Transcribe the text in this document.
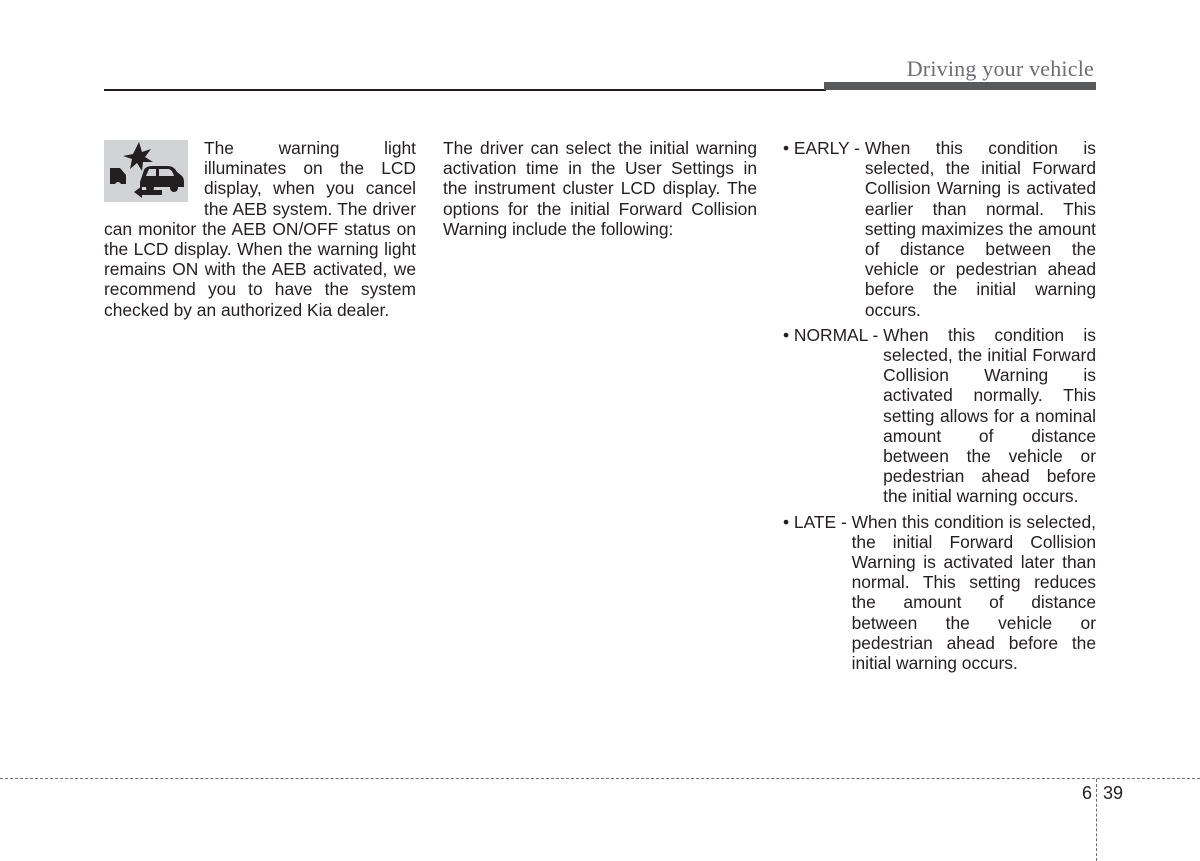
Driving your vehicle

The warning light illuminates on the LCD display, when you cancel the AEB system. The driver can monitor the AEB ON/OFF status on the LCD display. When the warning light remains ON with the AEB activated, we recommend you to have the system checked by an authorized Kia dealer.

The driver can select the initial warning activation time in the User Settings in the instrument cluster LCD display. The options for the initial Forward Collision Warning include the following:

• EARLY - When this condition is selected, the initial Forward Collision Warning is activated earlier than normal. This setting maximizes the amount of distance between the vehicle or pedestrian ahead before the initial warning occurs.
• NORMAL - When this condition is selected, the initial Forward Collision Warning is activated normally. This setting allows for a nominal amount of distance between the vehicle or pedestrian ahead before the initial warning occurs.
• LATE - When this condition is selected, the initial Forward Collision Warning is activated later than normal. This setting reduces the amount of distance between the vehicle or pedestrian ahead before the initial warning occurs.
6 39
